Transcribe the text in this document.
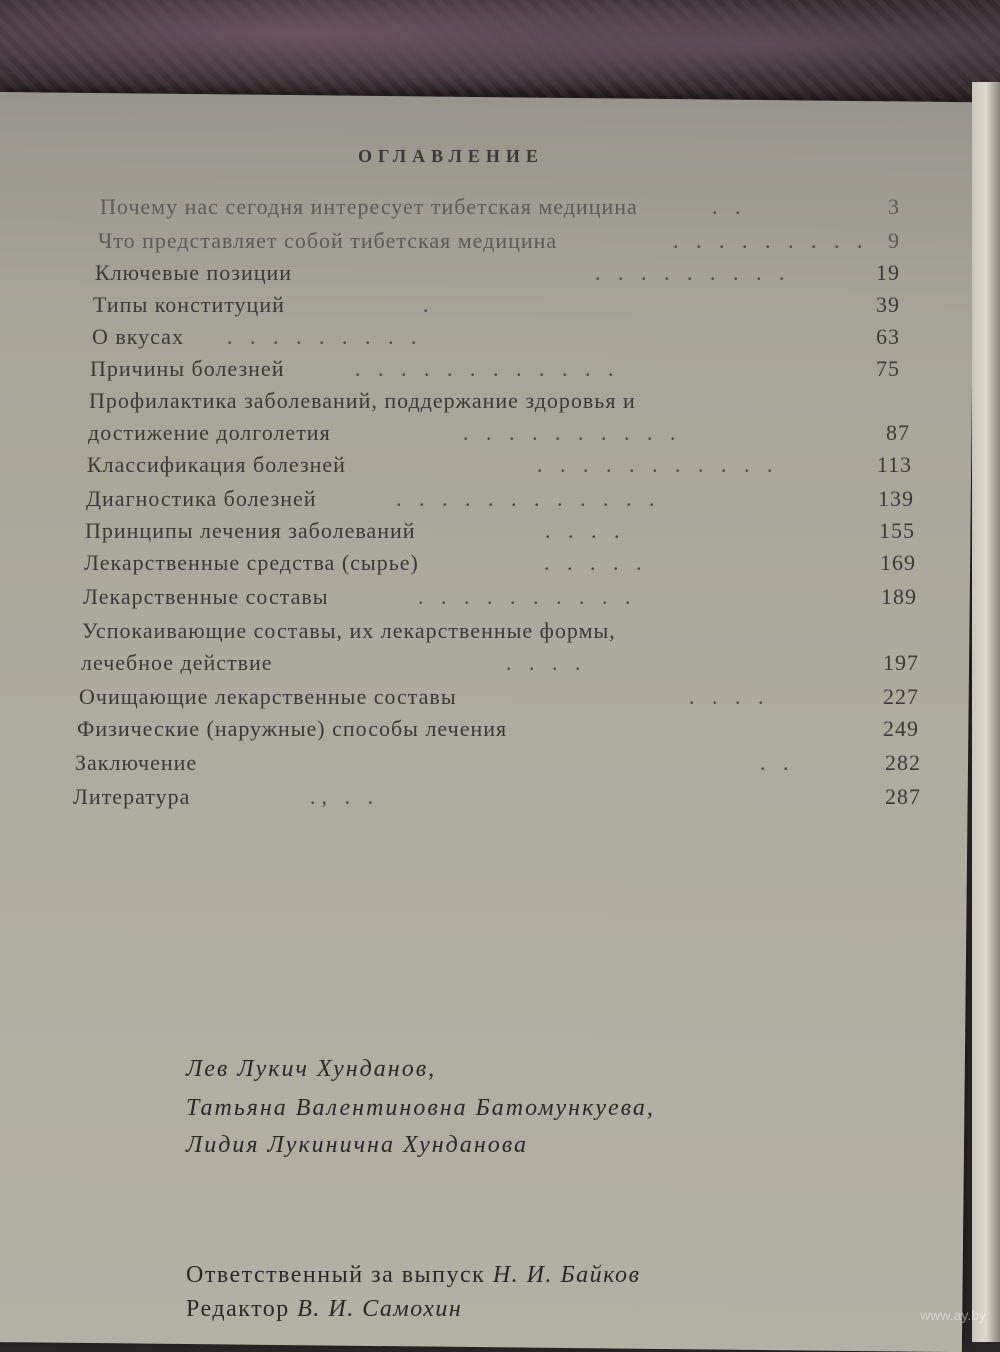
ОГЛАВЛЕНИЕ
Почему нас сегодня интересует тибетская медицина	. .	3
Что представляет собой тибетская медицина	. . . . . . . . . 9
Ключевые позиции	. . . . . . . . .	19
Типы конституций	.	39
О вкусах . . . . . . . . .	63
Причины болезней	. . . . . . . . . . . .	75
Профилактика заболеваний, поддержание здоровья и
достижение долголетия	. . . . . . . . . .	87
Классификация болезней	. . . . . . . . . . .	113
Диагностика болезней	. . . . . . . . . . . .	139
Принципы лечения заболеваний	. . . .	155
Лекарственные средства (сырье)	. . . . .	169
Лекарственные составы	. . . . . . . . . .	189
Успокаивающие составы, их лекарственные формы,
лечебное действие	. . . .	197
Очищающие лекарственные составы	. . . .	227
Физические (наружные) способы лечения	249
Заключение	. .	282
Литература	., . .	287
Лев Лукич Хунданов,
Татьяна Валентиновна Батомункуева,
Лидия Лукинична Хунданова
Ответственный за выпуск Н. И. Байков
Редактор В. И. Самохин	www.ay.by
